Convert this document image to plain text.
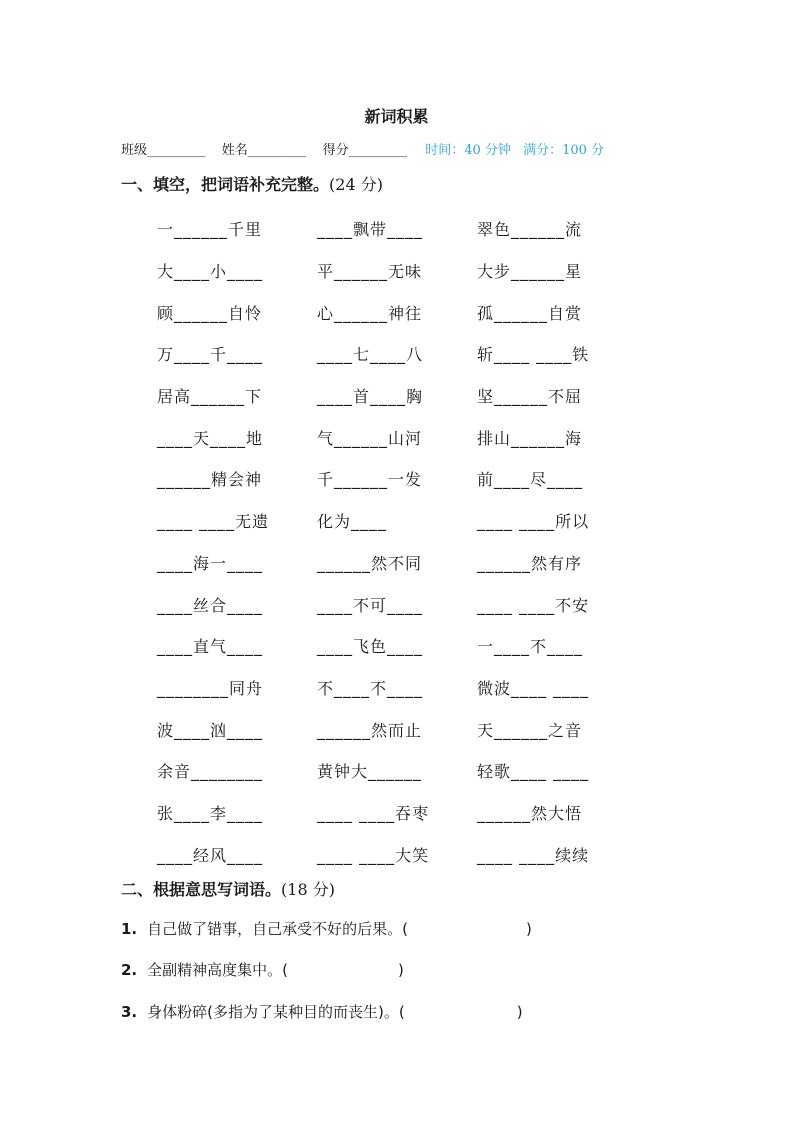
新词积累
班级_________ 姓名_________ 得分_________ 时间：40 分钟 满分：100 分
一、填空，把词语补充完整。(24 分)
一______千里	____飘带____	翠色______流
大____小____	平______无味	大步______星
顾______自怜	心______神往	孤______自赏
万____千____	____七____八	斩____ ____铁
居高______下	____首____胸	坚______不屈
____天____地	气______山河	排山______海
______精会神	千______一发	前____尽____
____ ____无遗	化为____	____ ____所以
____海一____	______然不同	______然有序
____丝合____	____不可____	____ ____不安
____直气____	____飞色____	一____不____
________同舟	不____不____	微波____ ____
波____汹____	______然而止	天______之音
余音________	黄钟大______	轻歌____ ____
张____李____	____ ____吞枣	______然大悟
____经风____	____ ____大笑	____ ____续续
二、根据意思写词语。(18 分)
1. 自己做了错事，自己承受不好的后果。(	)
2. 全副精神高度集中。(	)
3. 身体粉碎(多指为了某种目的而丧生)。(	)
